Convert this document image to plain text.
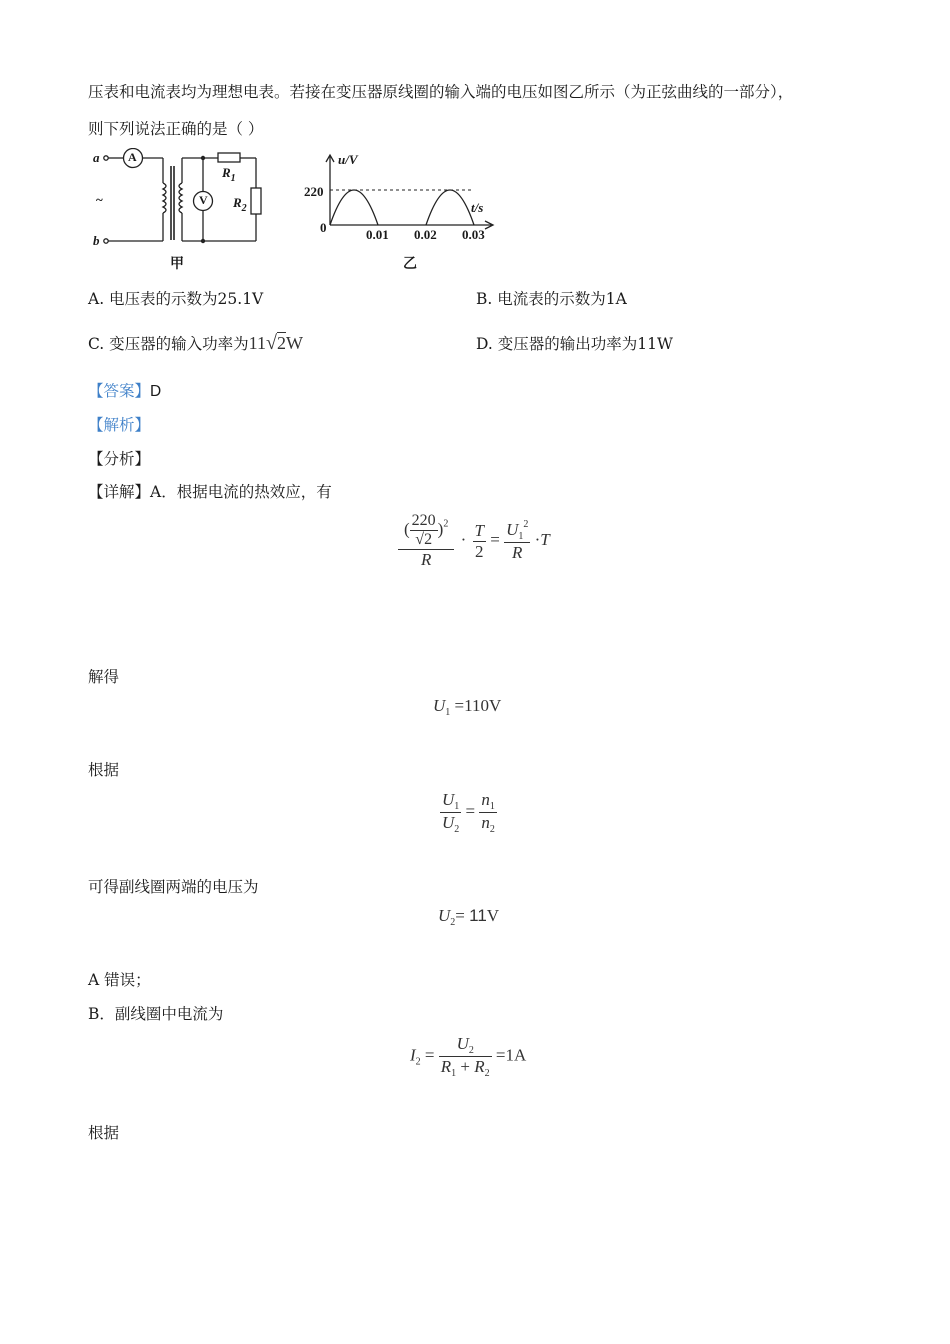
压表和电流表均为理想电表。若接在变压器原线圈的输入端的电压如图乙所示（为正弦曲线的一部分），
则下列说法正确的是（ ）
a
b
~
A
V
$R_1$
$R_2$
甲
u/V
220
0
t/s
0.01 0.02 0.03
乙
A. 电压表的示数为25.1V	B. 电流表的示数为1A
C. 变压器的输入功率为11√2W	D. 变压器的输出功率为11W
【答案】D
【解析】
【分析】
【详解】A．根据电流的热效应，有
$\frac{( \frac{220}{√2} )^2}{R} \cdot \frac{T}{2} = \frac{U_1^2}{R} \cdot T$
解得
$U_1 =110V$
根据
$\frac{U_1}{U_2} = \frac{n_1}{n_2}$
可得副线圈两端的电压为
$U_2= 11V$
A 错误；
B．副线圈中电流为
$I_2 = \frac{U_2}{R_1 + R_2} =1A$
根据
